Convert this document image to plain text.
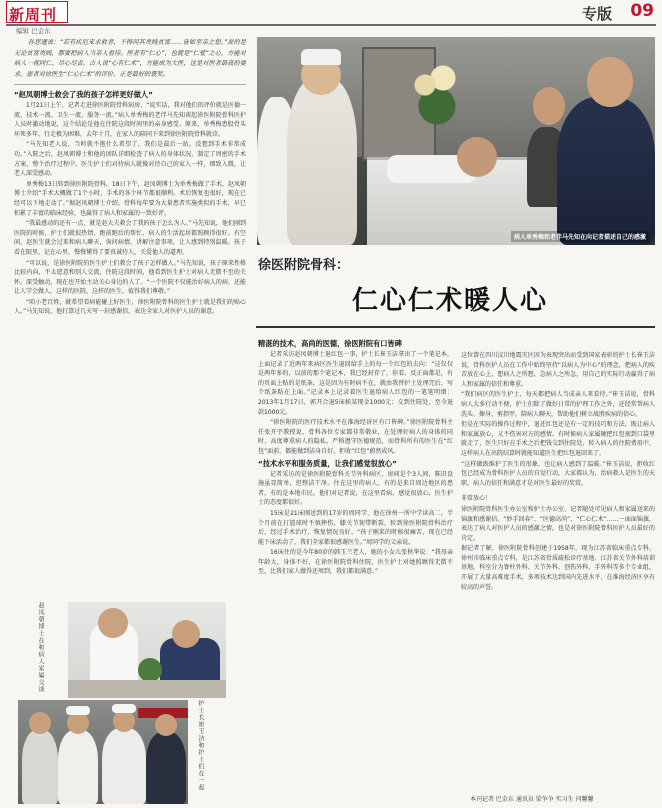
新周刊	专版 09
编辑 巴金东

孙思邈说：“若有疾厄来求救者，不得问其贵贱贫富……皆如至亲之想。”说的是无论贫富贵贱，都要把病人当亲人看待。医者有“仁心”，也就是“仁爱”之心，方能对病人一视同仁、尽心尽责。古人说“心有仁术”，方能成为大医，这是对医者最高的要求。患者对徐医生“仁心仁术”的评价，正是最好的褒奖。

“赵凤朝博士救会了我的孩子怎样更好做人”

1月21日上午，记者走进徐医附院骨科病房，“说实话，我对他们的评价就是医德一流、技术一流、卫生一流、服务一流。”病人单秀梅的老伴马先知谈起徐医附院骨科医护人员时激动地说，这个结论是他在住院这段时间里的亲身感受。原来，单秀梅患股骨头坏死多年，行走极为困难，去年十月，在家人的陪同下来到徐医附院骨科就诊。

“马先知老人说，当时就不抱什么希望了，我们是最后一站，没想到手术非常成功。”入院之后，赵凤朝博士和他的团队详细检查了病人的身体状况，制定了周密的手术方案，整个治疗过程中，医生护士们对待病人就像对待自己的家人一样，细致入微，让老人深受感动。

单秀梅13日转到徐医附院骨科，18日下午，赵凤朝博士为单秀梅做了手术，赵凤朝博士介绍“手术大概做了1个小时，手术的各个环节都很顺利，术后恢复也很好，现在已经可以下地走动了。”据赵凤朝博士介绍，骨科每年要为大量患者实施类似的手术，早已积累了丰富的临床经验，也赢得了病人和家属的一致好评。

“我最感动的还有一点，就是赵大夫救会了我的孩子怎么为人。”马先知说，他们刚到医院的时候，护士们就很热情，跑前跑后的帮忙，病人的生活起居都照顾得很好。有空闲，赵医生就会过来和病人聊天，询问病情，讲解注意事项，让人感到特别温暖。孩子看在眼里，记在心里，慢慢懂得了要真诚待人、关爱他人的道理。

“可以说，是徐医附院的医生护士们教会了孩子怎样做人。”马先知说，孩子原来性格比较内向，不太愿意和别人交流，住院这段时间，他看到医生护士对病人无微不至的关怀，深受触动，现在也开始主动关心身边的人了。“一个医院不仅能治好病人的病，还能让人学会做人，这样的医院，这样的医生，值得我们尊敬。”

“咱小老百姓，就希望看病能碰上好医生，徐医附院骨科的医生护士就是我们的贴心人。”马先知说，他打算过几天写一封感谢信，表达全家人对医护人员的谢意。

病人单秀梅和老伴马先知在向记者描述自己的感激
徐医附院骨科：
仁心仁术暖人心

精湛的技术，高尚的医德，徐医附院有口皆碑

记者采访赵凤朝博士退红包一事，护士长崔玉洁拿出了一个笔记本，上面记录了近两年来病区医生退回给手上的每一个红包的去向：“这仅仅是两年多的，以前的那个笔记本，我已经封存了，你看，反正面都是，有的页面上贴的是纸条，这是因为有时病不在，就由我替护士处理完后，写个纸条粘在上面。”记录本上记录着医生退给病人红包的一笔笔明细：2013年1月17日，郭开合退5床候某现金1000元；交到住院处，至今退款1000元。

“徐医附院的医疗技术水平在淮海经济区有口皆碑。”徐医附院骨科主任张开宇教授说，骨科各位专家都非常敬业，在处理好病人的身体的同时，高度尊重病人的隐私，严格遵守医德规范，而骨科所有的医生在“红包”面前，都能做到洁身自好，拒收“红包”蔚然成风。

“技术水平和服务质量，让我们感觉很放心”

记者采访的是徐医附院骨科关节外科病区，房间是个3人间，陈旧设施虽显简单，但整洁干净。住在这里的病人，有的是来自周边地区的患者，有的是本地市民。他们对记者说，在这里看病，感觉很放心，医生护士的态度都很好。

15床是21床刚送到的17岁的周同学，他在徐州一所中学读高二，半个月前在打篮球时不慎摔伤，膝关节韧带断裂，转到徐医附院骨科治疗后，经过手术治疗，恢复情况良好。“孩子刚来的时候很痛苦，现在已经能下床活动了，我们全家都很感谢医生。”周同学的父亲说。

16床住的是今年80岁的韩玉兰老人，她的小女儿张秋华说：“我母亲年龄大，身体不好，在徐医附院骨科住院，医生护士对她照顾得无微不至，比我们家人做得还周到，我们都很满意。”

这位曾在四川汶川地震灾区因为表现突出而受到国家表彰的护士长崔玉洁说，骨科医护人员在工作中始终坚持“以病人为中心”的理念，把病人的疾苦放在心上，想病人之所想，急病人之所急，用自己的实际行动赢得了病人和家属的信任和尊重。

“我们病区的医生护士，每天都把病人当成亲人来看待。”崔玉洁说，骨科病人大多行动不便，护士们除了做好日常的护理工作之外，还经常帮病人洗头、擦身、剪指甲，陪病人聊天，帮助他们树立战胜疾病的信心。

但是在实际的操作过程中，退还红包还是有一定的技巧和方法，既让病人和家属放心，又不伤害对方的感情。有时候病人家属硬把红包塞到口袋里就走了，医生只好在手术之后把钱交到住院处，转入病人的住院费用中，这样病人在出院结算时就能知道医生把红包退回来了。

“这样做既维护了医生的形象，也让病人感到了温暖。”崔玉洁说，拒收红包已经成为骨科医护人员的自觉行动，大家都认为，治病救人是医生的天职，病人的信任和满意才是对医生最好的奖赏。

非常放心！

徐医附院骨科医生办公室和护士办公室，记者随处可见病人和家属送来的锦旗和感谢信。“妙手回春”、“医德高尚”、“仁心仁术”……一面面锦旗，表达了病人对医护人员的感激之情，也是对徐医附院骨科医护人员最好的肯定。

据记者了解，徐医附院骨科创建于1958年，现为江苏省临床重点专科、徐州市临床重点专科，是江苏省骨质疏松诊疗基地、江苏省关节外科培训基地。科室分为脊柱外科、关节外科、创伤外科、手外科等多个专业组，开展了大量高难度手术，多项技术达到国内先进水平，在淮海经济区享有较高的声誉。

赵凤朝博士在和病人家属交谈
护士长崔玉洁和护士们在一起
本刊记者 巴金东 通讯员 梁争争 实习生 闫馨馨
